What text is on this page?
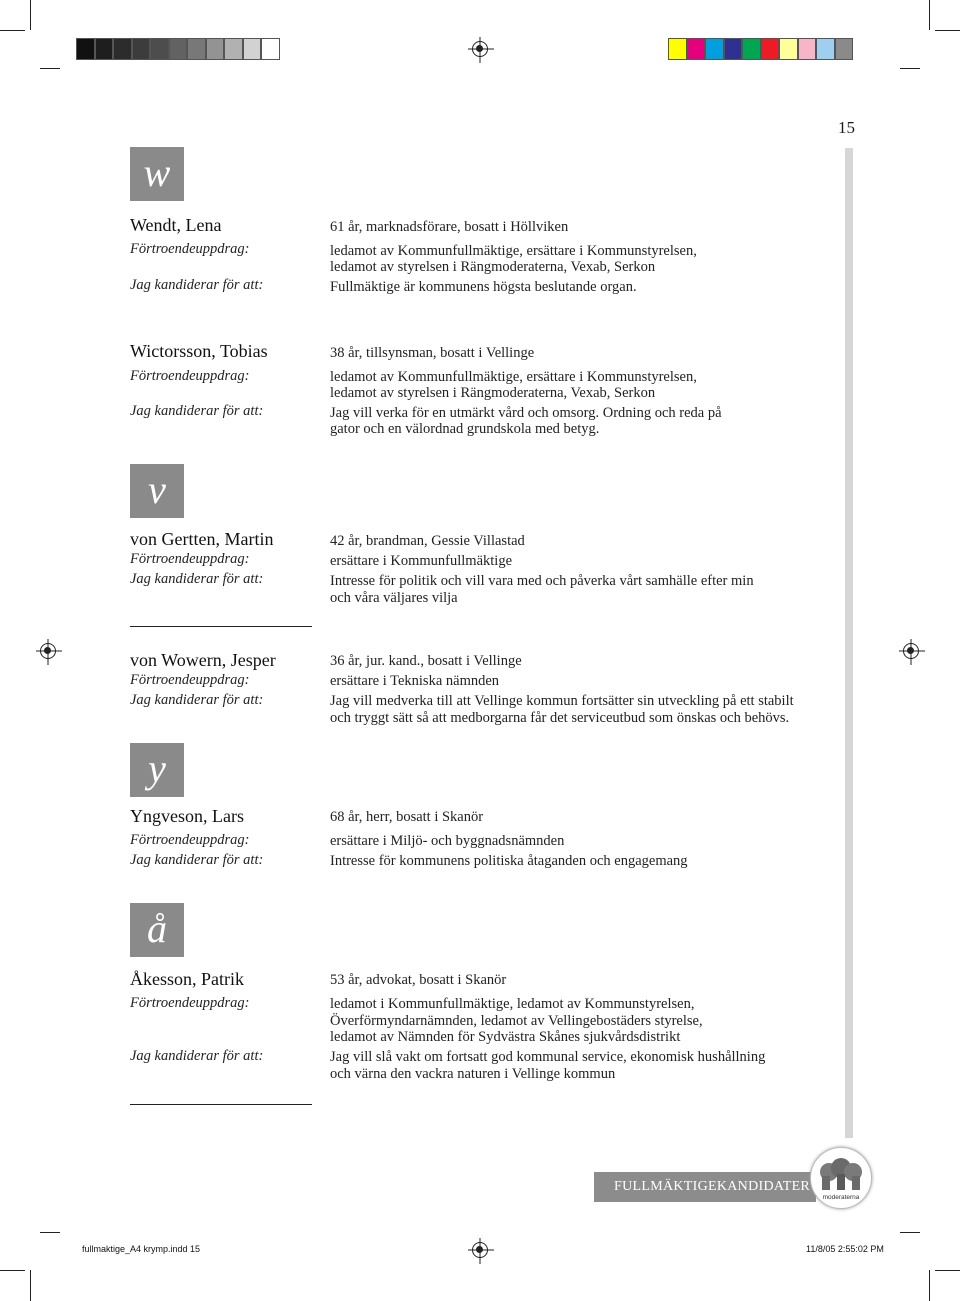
15
w
Wendt, Lena	61 år, marknadsförare, bosatt i Höllviken
Förtroendeuppdrag:	ledamot av Kommunfullmäktige, ersättare i Kommunstyrelsen,
ledamot av styrelsen i Rängmoderaterna, Vexab, Serkon
Jag kandiderar för att:	Fullmäktige är kommunens högsta beslutande organ.
Wictorsson, Tobias	38 år, tillsynsman, bosatt i Vellinge
Förtroendeuppdrag:	ledamot av Kommunfullmäktige, ersättare i Kommunstyrelsen,
ledamot av styrelsen i Rängmoderaterna, Vexab, Serkon
Jag kandiderar för att:	Jag vill verka för en utmärkt vård och omsorg. Ordning och reda på
gator och en välordnad grundskola med betyg.
v
von Gertten, Martin	42 år, brandman, Gessie Villastad
Förtroendeuppdrag:	ersättare i Kommunfullmäktige
Jag kandiderar för att:	Intresse för politik och vill vara med och påverka vårt samhälle efter min
och våra väljares vilja
von Wowern, Jesper	36 år, jur. kand., bosatt i Vellinge
Förtroendeuppdrag:	ersättare i Tekniska nämnden
Jag kandiderar för att:	Jag vill medverka till att Vellinge kommun fortsätter sin utveckling på ett stabilt
och tryggt sätt så att medborgarna får det serviceutbud som önskas och behövs.
y
Yngveson, Lars	68 år, herr, bosatt i Skanör
Förtroendeuppdrag:	ersättare i Miljö- och byggnadsnämnden
Jag kandiderar för att:	Intresse för kommunens politiska åtaganden och engagemang
å
Åkesson, Patrik	53 år, advokat, bosatt i Skanör
Förtroendeuppdrag:	ledamot i Kommunfullmäktige, ledamot av Kommunstyrelsen,
Överförmyndarnämnden, ledamot av Vellingebostäders styrelse,
ledamot av Nämnden för Sydvästra Skånes sjukvårdsdistrikt
Jag kandiderar för att:	Jag vill slå vakt om fortsatt god kommunal service, ekonomisk hushållning
och värna den vackra naturen i Vellinge kommun
FULLMÄKTIGEKANDIDATER
moderaterna
fullmaktige_A4 krymp.indd 15	11/8/05 2:55:02 PM
